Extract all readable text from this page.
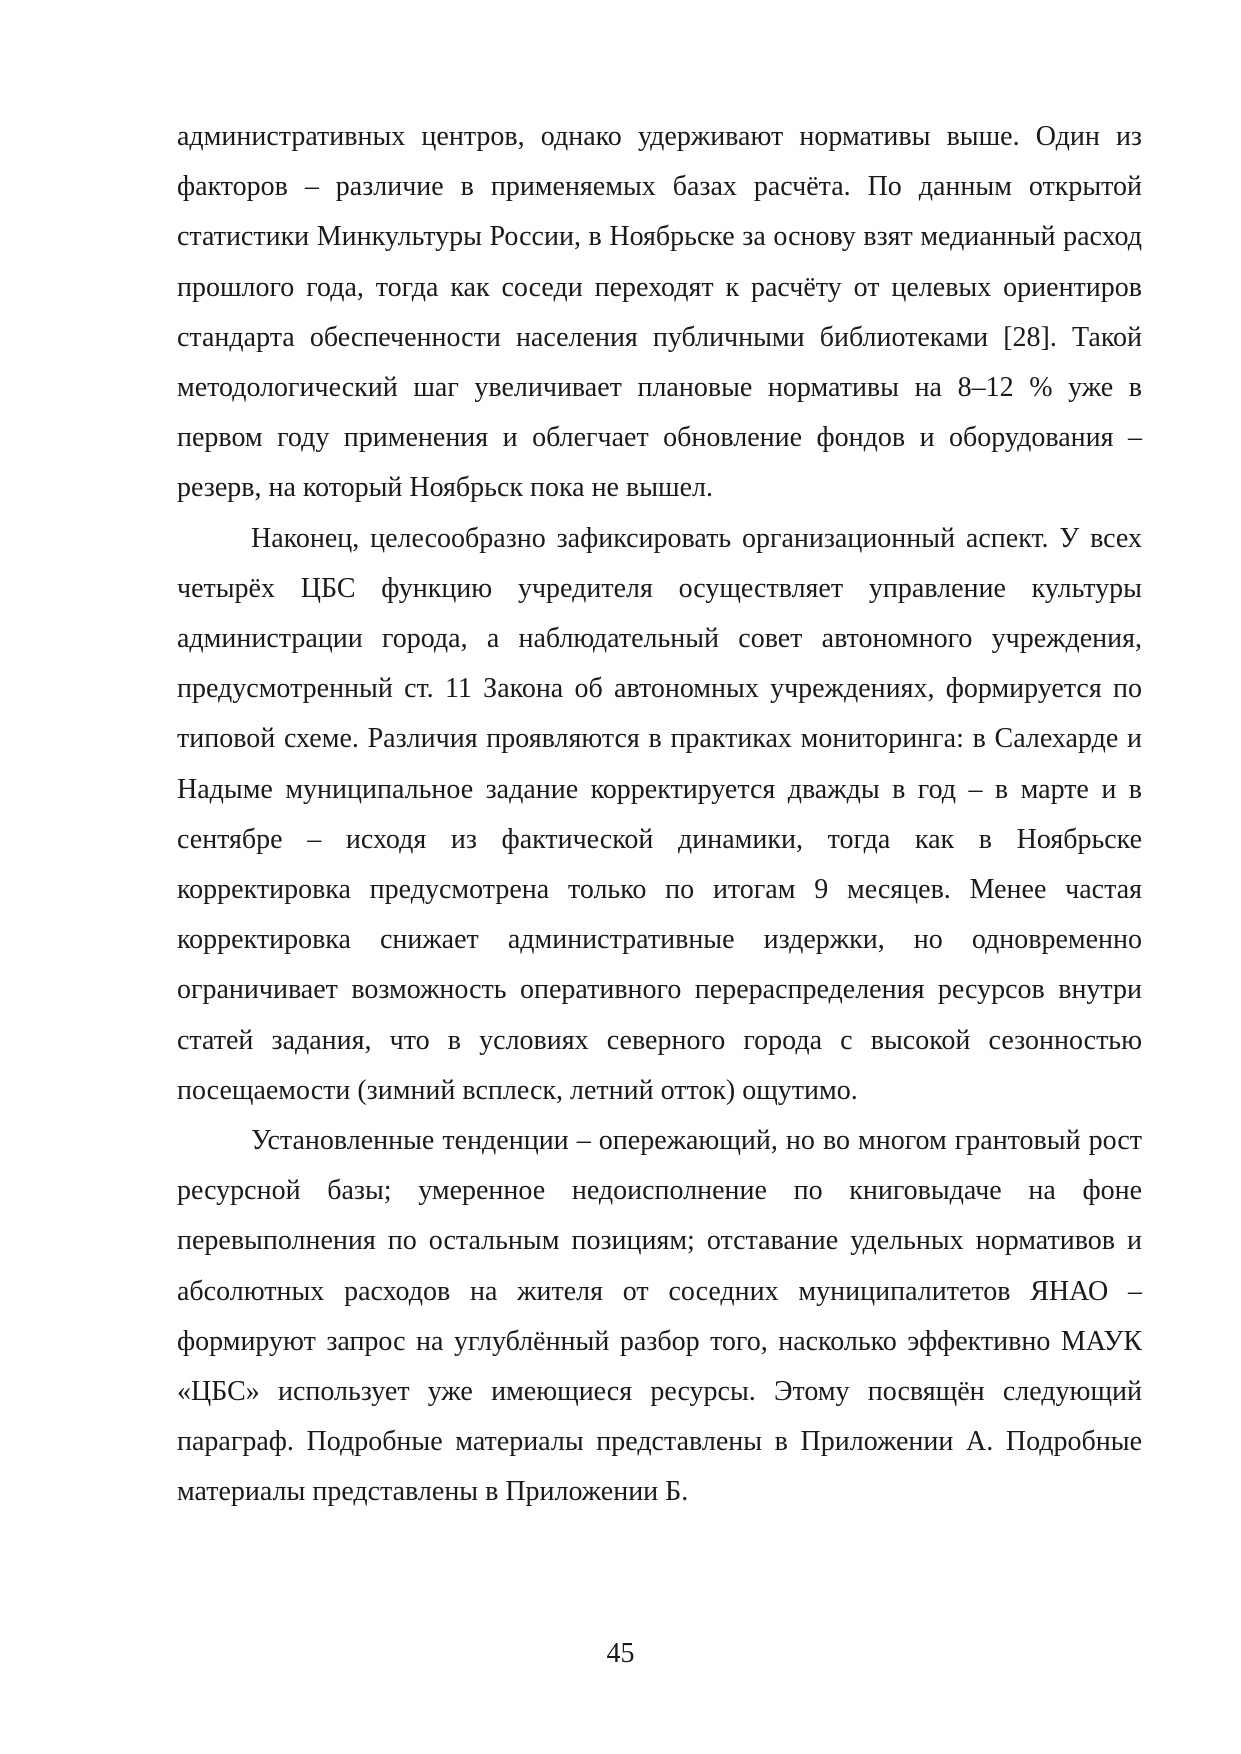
административных центров, однако удерживают нормативы выше. Один из факторов – различие в применяемых базах расчёта. По данным открытой статистики Минкультуры России, в Ноябрьске за основу взят медианный расход прошлого года, тогда как соседи переходят к расчёту от целевых ориентиров стандарта обеспеченности населения публичными библиотеками [28]. Такой методологический шаг увеличивает плановые нормативы на 8–12 % уже в первом году применения и облегчает обновление фондов и оборудования – резерв, на который Ноябрьск пока не вышел.

Наконец, целесообразно зафиксировать организационный аспект. У всех четырёх ЦБС функцию учредителя осуществляет управление культуры администрации города, а наблюдательный совет автономного учреждения, предусмотренный ст. 11 Закона об автономных учреждениях, формируется по типовой схеме. Различия проявляются в практиках мониторинга: в Салехарде и Надыме муниципальное задание корректируется дважды в год – в марте и в сентябре – исходя из фактической динамики, тогда как в Ноябрьске корректировка предусмотрена только по итогам 9 месяцев. Менее частая корректировка снижает административные издержки, но одновременно ограничивает возможность оперативного перераспределения ресурсов внутри статей задания, что в условиях северного города с высокой сезонностью посещаемости (зимний всплеск, летний отток) ощутимо.

Установленные тенденции – опережающий, но во многом грантовый рост ресурсной базы; умеренное недоисполнение по книговыдаче на фоне перевыполнения по остальным позициям; отставание удельных нормативов и абсолютных расходов на жителя от соседних муниципалитетов ЯНАО – формируют запрос на углублённый разбор того, насколько эффективно МАУК «ЦБС» использует уже имеющиеся ресурсы. Этому посвящён следующий параграф. Подробные материалы представлены в Приложении А. Подробные материалы представлены в Приложении Б.

45
